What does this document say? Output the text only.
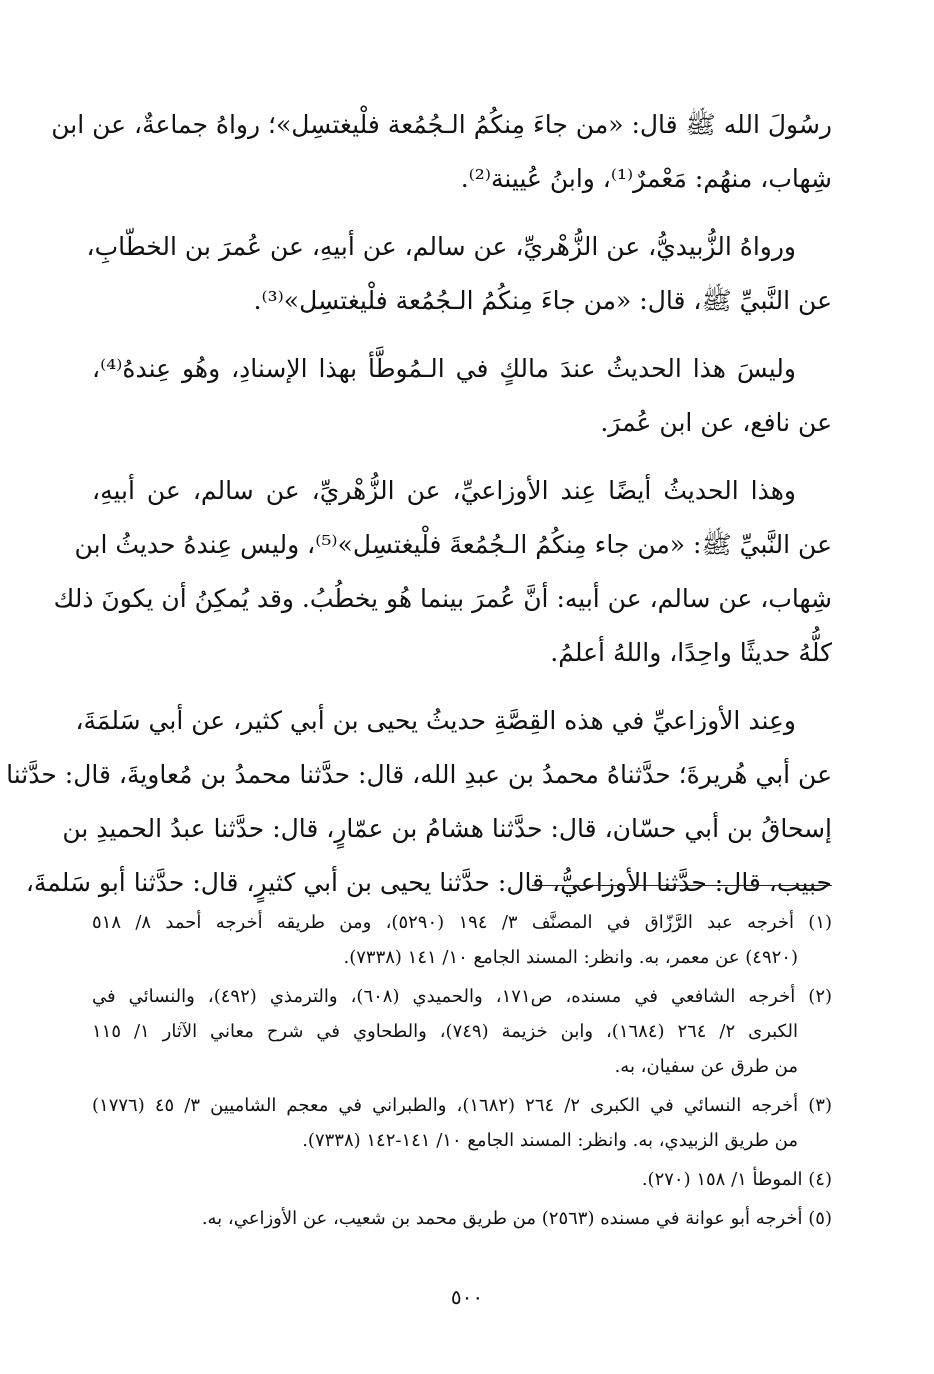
رسُولَ الله ﷺ قال: «من جاءَ مِنكُمُ الـجُمُعة فلْيغتسِل»؛ رواهُ جماعةٌ، عن ابن
شِهاب، منهُم: مَعْمرٌ⁽¹⁾، وابنُ عُيينة⁽²⁾.
ورواهُ الزُّبيديُّ، عن الزُّهْريِّ، عن سالم، عن أبيهِ، عن عُمرَ بن الخطّابِ،
عن النَّبيِّ ﷺ، قال: «من جاءَ مِنكُمُ الـجُمُعة فلْيغتسِل»⁽³⁾.
وليسَ هذا الحديثُ عندَ مالكٍ في الـمُوطَّأ بهذا الإسنادِ، وهُو عِندهُ⁽⁴⁾،
عن نافع، عن ابن عُمرَ.
وهذا الحديثُ أيضًا عِند الأوزاعيِّ، عن الزُّهْريِّ، عن سالم، عن أبيهِ،
عن النَّبيِّ ﷺ: «من جاء مِنكُمُ الـجُمُعةَ فلْيغتسِل»⁽⁵⁾، وليس عِندهُ حديثُ ابن
شِهاب، عن سالم، عن أبيه: أنَّ عُمرَ بينما هُو يخطُبُ. وقد يُمكِنُ أن يكونَ ذلك
كلُّهُ حديثًا واحِدًا، واللهُ أعلمُ.
وعِند الأوزاعيِّ في هذه القِصَّةِ حديثُ يحيى بن أبي كثير، عن أبي سَلمَةَ،
عن أبي هُريرةَ؛ حدَّثناهُ محمدُ بن عبدِ الله، قال: حدَّثنا محمدُ بن مُعاويةَ، قال: حدَّثنا
إسحاقُ بن أبي حسّان، قال: حدَّثنا هشامُ بن عمّارٍ، قال: حدَّثنا عبدُ الحميدِ بن
حبيب، قال: حدَّثنا الأوزاعيُّ، قال: حدَّثنا يحيى بن أبي كثيرٍ، قال: حدَّثنا أبو سَلمةَ،
(١) أخرجه عبد الرَّزّاق في المصنَّف ٣/ ١٩٤ (٥٢٩٠)، ومن طريقه أخرجه أحمد ٨/ ٥١٨
(٤٩٢٠) عن معمر، به. وانظر: المسند الجامع ١٠/ ١٤١ (٧٣٣٨).
(٢) أخرجه الشافعي في مسنده، ص١٧١، والحميدي (٦٠٨)، والترمذي (٤٩٢)، والنسائي في
الكبرى ٢/ ٢٦٤ (١٦٨٤)، وابن خزيمة (٧٤٩)، والطحاوي في شرح معاني الآثار ١/ ١١٥
من طرق عن سفيان، به.
(٣) أخرجه النسائي في الكبرى ٢/ ٢٦٤ (١٦٨٢)، والطبراني في معجم الشاميين ٣/ ٤٥ (١٧٧٦)
من طريق الزبيدي، به. وانظر: المسند الجامع ١٠/ ١٤١-١٤٢ (٧٣٣٨).
(٤) الموطأ ١/ ١٥٨ (٢٧٠).
(٥) أخرجه أبو عوانة في مسنده (٢٥٦٣) من طريق محمد بن شعيب، عن الأوزاعي، به.
٥٠٠
